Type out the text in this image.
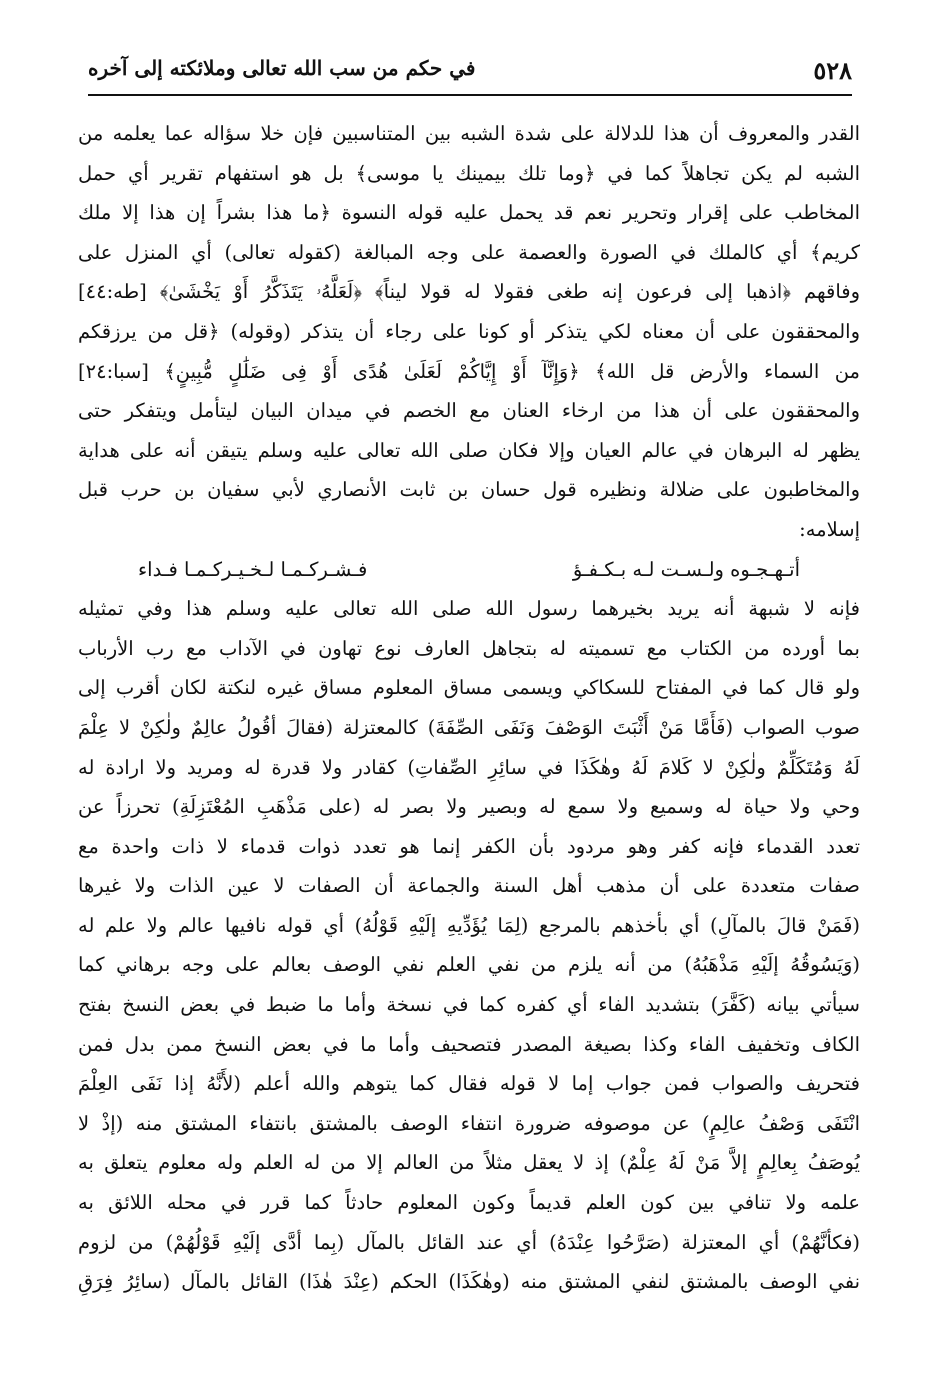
٥٢٨
في حكم من سب الله تعالى وملائكته إلى آخره
القدر والمعروف أن هذا للدلالة على شدة الشبه بين المتناسبين فإن خلا سؤاله عما يعلمه من
الشبه لم يكن تجاهلاً كما في ﴿وما تلك بيمينك يا موسى﴾ بل هو استفهام تقرير أي حمل
المخاطب على إقرار وتحرير نعم قد يحمل عليه قوله النسوة ﴿ما هذا بشراً إن هذا إلا ملك
كريم﴾ أي كالملك في الصورة والعصمة على وجه المبالغة (كقوله تعالى) أي المنزل على
وفاقهم ﴿اذهبا إلى فرعون إنه طغى فقولا له قولا ليناً﴾ ﴿لَعَلَّهُۥ يَتَذَكَّرُ أَوْ يَخْشَىٰ﴾ [طه:٤٤]
والمحققون على أن معناه لكي يتذكر أو كونا على رجاء أن يتذكر (وقوله) ﴿قل من يرزقكم
من السماء والأرض قل الله﴾ ﴿وَإِنَّآ أَوْ إِيَّاكُمْ لَعَلَىٰ هُدًى أَوْ فِى ضَلَٰلٍ مُّبِينٍ﴾ [سبا:٢٤]
والمحققون على أن هذا من ارخاء العنان مع الخصم في ميدان البيان ليتأمل ويتفكر حتى
يظهر له البرهان في عالم العيان وإلا فكان صلى الله تعالى عليه وسلم يتيقن أنه على هداية
والمخاطبون على ضلالة ونظيره قول حسان بن ثابت الأنصاري لأبي سفيان بن حرب قبل
إسلامه:
أتـهـجـوه ولـسـت لـه بـكـفـؤ
فـشـركـمـا لـخـيـركـمـا فـداء
فإنه لا شبهة أنه يريد بخيرهما رسول الله صلى الله تعالى عليه وسلم هذا وفي تمثيله
بما أورده من الكتاب مع تسميته له بتجاهل العارف نوع تهاون في الآداب مع رب الأرباب
ولو قال كما في المفتاح للسكاكي ويسمى مساق المعلوم مساق غيره لنكتة لكان أقرب إلى
صوب الصواب (فَأَمَّا مَنْ أَثْبَتَ الوَصْفَ وَنَفَى الصِّفَةَ) كالمعتزلة (فقالَ أقُولُ عالِمٌ ولٰكِنْ لا عِلْمَ
لَهُ وَمُتَكَلِّمٌ ولٰكِنْ لا كَلامَ لَهُ وهٰكَذَا في سائِرِ الصِّفاتِ) كقادر ولا قدرة له ومريد ولا ارادة له
وحي ولا حياة له وسميع ولا سمع له وبصير ولا بصر له (على مَذْهَبِ المُعْتَزِلَةِ) تحرزاً عن
تعدد القدماء فإنه كفر وهو مردود بأن الكفر إنما هو تعدد ذوات قدماء لا ذات واحدة مع
صفات متعددة على أن مذهب أهل السنة والجماعة أن الصفات لا عين الذات ولا غيرها
(فَمَنْ قالَ بالمآلِ) أي بأخذهم بالمرجع (لِمَا يُؤَدِّيهِ إلَيْهِ قَوْلُهُ) أي قوله نافيها عالم ولا علم له
(وَيَسُوقُهُ إلَيْهِ مَذْهَبُهُ) من أنه يلزم من نفي العلم نفي الوصف بعالم على وجه برهاني كما
سيأتي بيانه (كَفَّرَ) بتشديد الفاء أي كفره كما في نسخة وأما ما ضبط في بعض النسخ بفتح
الكاف وتخفيف الفاء وكذا بصيغة المصدر فتصحيف وأما ما في بعض النسخ ممن بدل فمن
فتحريف والصواب فمن جواب إما لا قوله فقال كما يتوهم والله أعلم (لأَنَّهُ إذا نَفَى العِلْمَ
انْتَفَى وَصْفُ عالِمٍ) عن موصوفه ضرورة انتفاء الوصف بالمشتق بانتفاء المشتق منه (إذْ لا
يُوصَفُ بِعالِمٍ إلاَّ مَنْ لَهُ عِلْمٌ) إذ لا يعقل مثلاً من العالم إلا من له العلم وله معلوم يتعلق به
علمه ولا تنافي بين كون العلم قديماً وكون المعلوم حادثاً كما قرر في محله اللائق به
(فكأنَّهُمْ) أي المعتزلة (صَرَّحُوا عِنْدَهُ) أي عند القائل بالمآل (بِما أدَّى إلَيْهِ قَوْلُهُمْ) من لزوم
نفي الوصف بالمشتق لنفي المشتق منه (وهٰكَذَا) الحكم (عِنْدَ هٰذَا) القائل بالمآل (سائِرُ فِرَقِ
